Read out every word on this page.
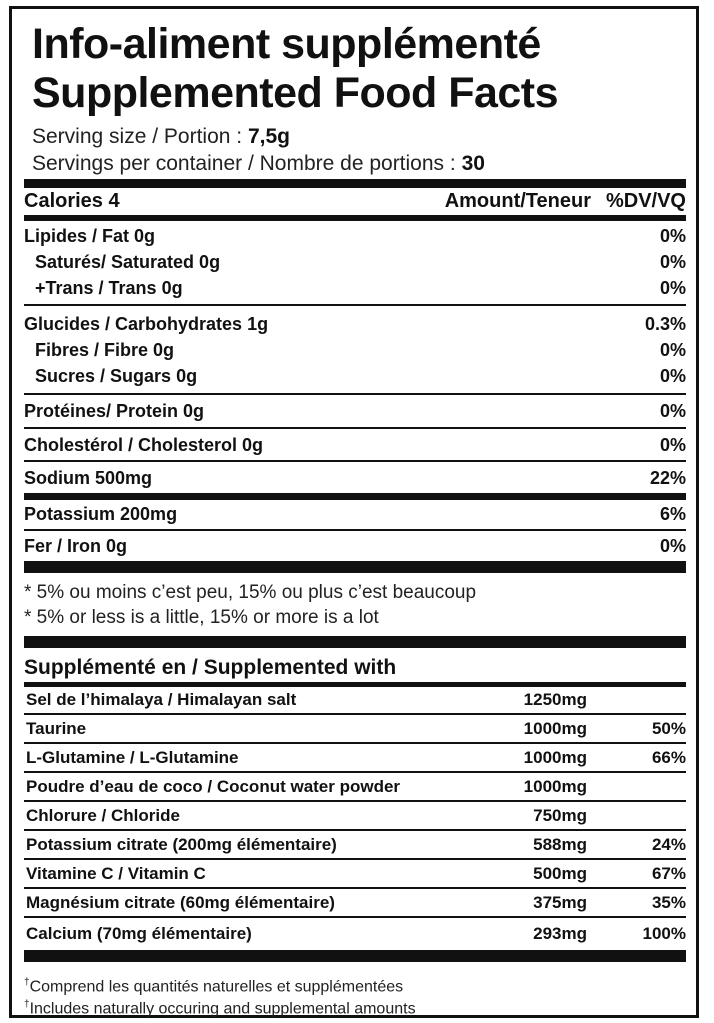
Info-aliment supplémenté
Supplemented Food Facts
Serving size / Portion : 7,5g
Servings per container / Nombre de portions : 30
Calories 4	Amount/Teneur %DV/VQ
Lipides / Fat 0g	0%
Saturés/ Saturated 0g	0%
+Trans / Trans 0g	0%
Glucides / Carbohydrates 1g	0.3%
Fibres / Fibre 0g	0%
Sucres / Sugars 0g	0%
Protéines/ Protein 0g	0%
Cholestérol / Cholesterol 0g	0%
Sodium 500mg	22%
Potassium 200mg	6%
Fer / Iron 0g	0%
* 5% ou moins c’est peu, 15% ou plus c’est beaucoup
* 5% or less is a little, 15% or more is a lot
Supplémenté en / Supplemented with
Sel de l’himalaya / Himalayan salt	1250mg
Taurine	1000mg	50%
L-Glutamine / L-Glutamine	1000mg	66%
Poudre d’eau de coco / Coconut water powder	1000mg
Chlorure / Chloride	750mg
Potassium citrate (200mg élémentaire)	588mg	24%
Vitamine C / Vitamin C	500mg	67%
Magnésium citrate (60mg élémentaire)	375mg	35%
Calcium (70mg élémentaire)	293mg	100%
†Comprend les quantités naturelles et supplémentées
†Includes naturally occuring and supplemental amounts
